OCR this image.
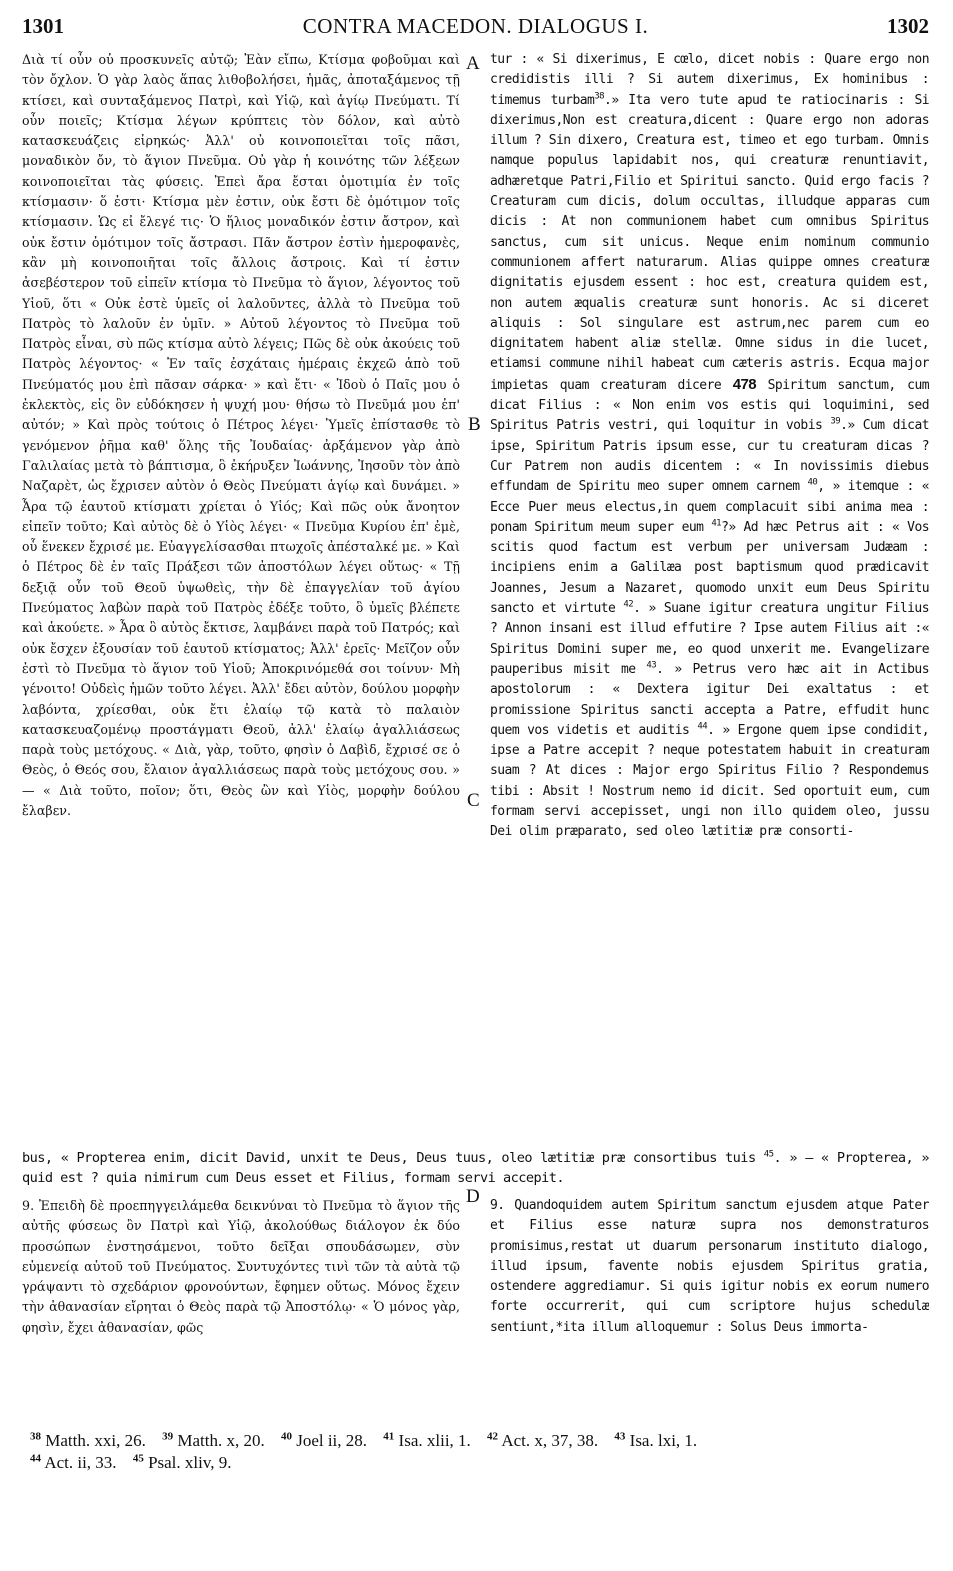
1301	CONTRA MACEDON. DIALOGUS I.	1302

Διὰ τί οὖν οὐ προσκυνεῖς αὐτῷ; Ἐὰν εἴπω, Κτίσμα φοβοῦμαι καὶ τὸν ὄχλον. Ὁ γὰρ λαὸς ἅπας λιθοβολήσει, ἡμᾶς, ἀποταξάμενος τῇ κτίσει, καὶ συνταξάμενος Πατρὶ, καὶ Υἱῷ, καὶ ἁγίῳ Πνεύματι. Τί οὖν ποιεῖς; Κτίσμα λέγων κρύπτεις τὸν δόλον, καὶ αὐτὸ κατασκευάζεις εἰρηκώς· Ἀλλ' οὐ κοινοποιεῖται τοῖς πᾶσι, μοναδικὸν ὄν, τὸ ἅγιον Πνεῦμα. Οὐ γὰρ ἡ κοινότης τῶν λέξεων κοινοποιεῖται τὰς φύσεις. Ἐπεὶ ἄρα ἔσται ὁμοτιμία ἐν τοῖς κτίσμασιν· ὅ ἐστι· Κτίσμα μὲν ἐστιν, οὐκ ἔστι δὲ ὁμότιμον τοῖς κτίσμασιν. Ὡς εἰ ἔλεγέ τις· Ὁ ἥλιος μοναδικόν ἐστιν ἄστρον, καὶ οὐκ ἔστιν ὁμότιμον τοῖς ἄστρασι. Πᾶν ἄστρον ἐστὶν ἡμεροφανὲς, κἂν μὴ κοινοποιῆται τοῖς ἄλλοις ἄστροις. Καὶ τί ἐστιν ἀσεβέστερον τοῦ εἰπεῖν κτίσμα τὸ Πνεῦμα τὸ ἅγιον, λέγοντος τοῦ Υἱοῦ, ὅτι « Οὐκ ἐστὲ ὑμεῖς οἱ λαλοῦντες, ἀλλὰ τὸ Πνεῦμα τοῦ Πατρὸς τὸ λαλοῦν ἐν ὑμῖν. » Αὐτοῦ λέγοντος τὸ Πνεῦμα τοῦ Πατρὸς εἶναι, σὺ πῶς κτίσμα αὐτὸ λέγεις; Πῶς δὲ οὐκ ἀκούεις τοῦ Πατρὸς λέγοντος· « Ἐν ταῖς ἐσχάταις ἡμέραις ἐκχεῶ ἀπὸ τοῦ Πνεύματός μου ἐπὶ πᾶσαν σάρκα· » καὶ ἔτι· « Ἰδοὺ ὁ Παῖς μου ὁ ἐκλεκτὸς, εἰς ὃν εὐδόκησεν ἡ ψυχή μου· θήσω τὸ Πνεῦμά μου ἐπ' αὐτόν; » Καὶ πρὸς τούτοις ὁ Πέτρος λέγει· Ὑμεῖς ἐπίστασθε τὸ γενόμενον ῥῆμα καθ' ὅλης τῆς Ἰουδαίας· ἀρξάμενον γὰρ ἀπὸ Γαλιλαίας μετὰ τὸ βάπτισμα, ὃ ἐκήρυξεν Ἰωάννης, Ἰησοῦν τὸν ἀπὸ Ναζαρὲτ, ὡς ἔχρισεν αὐτὸν ὁ Θεὸς Πνεύματι ἁγίῳ καὶ δυνάμει. » Ἆρα τῷ ἑαυτοῦ κτίσματι χρίεται ὁ Υἱός; Καὶ πῶς οὐκ ἄνοητον εἰπεῖν τοῦτο; Καὶ αὐτὸς δὲ ὁ Υἱὸς λέγει· « Πνεῦμα Κυρίου ἐπ' ἐμὲ, οὗ ἕνεκεν ἔχρισέ με. Εὐαγγελίσασθαι πτωχοῖς ἀπέσταλκέ με. » Καὶ ὁ Πέτρος δὲ ἐν ταῖς Πράξεσι τῶν ἀποστόλων λέγει οὕτως· « Τῇ δεξιᾷ οὖν τοῦ Θεοῦ ὑψωθεὶς, τὴν δὲ ἐπαγγελίαν τοῦ ἁγίου Πνεύματος λαβὼν παρὰ τοῦ Πατρὸς ἐδέξε τοῦτο, ὃ ὑμεῖς βλέπετε καὶ ἀκούετε. » Ἆρα ὃ αὐτὸς ἔκτισε, λαμβάνει παρὰ τοῦ Πατρός; καὶ οὐκ ἔσχεν ἐξουσίαν τοῦ ἑαυτοῦ κτίσματος; Ἀλλ' ἐρεῖς· Μεῖζον οὖν ἐστὶ τὸ Πνεῦμα τὸ ἅγιον τοῦ Υἱοῦ; Ἀποκρινόμεθά σοι τοίνυν· Μὴ γένοιτο! Οὐδεὶς ἡμῶν τοῦτο λέγει. Ἀλλ' ἔδει αὐτὸν, δούλου μορφὴν λαβόντα, χρίεσθαι, οὐκ ἔτι ἐλαίῳ τῷ κατὰ τὸ παλαιὸν κατασκευαζομένῳ προστάγματι Θεοῦ, ἀλλ' ἐλαίῳ ἀγαλλιάσεως παρὰ τοὺς μετόχους. « Διὰ, γὰρ, τοῦτο, φησὶν ὁ Δαβὶδ, ἔχρισέ σε ὁ Θεὸς, ὁ Θεός σου, ἔλαιον ἀγαλλιάσεως παρὰ τοὺς μετόχους σου. » — « Διὰ τοῦτο, ποῖον; ὅτι, Θεὸς ὢν καὶ Υἱὸς, μορφὴν δούλου ἔλαβεν.

tur : « Si dixerimus, E cœlo, dicet nobis : Quare ergo non credidistis illi ? Si autem dixerimus, Ex hominibus : timemus turbam$^{38}$.» Ita vero tute apud te ratiocinaris : Si dixerimus,Non est creatura,dicent : Quare ergo non adoras illum ? Sin dixero, Creatura est, timeo et ego turbam. Omnis namque populus lapidabit nos, qui creaturæ renuntiavit, adhæretque Patri,Filio et Spiritui sancto. Quid ergo facis ? Creaturam cum dicis, dolum occultas, illudque apparas cum dicis : At non communionem habet cum omnibus Spiritus sanctus, cum sit unicus. Neque enim nominum communio communionem affert naturarum. Alias quippe omnes creaturæ dignitatis ejusdem essent : hoc est, creatura quidem est, non autem æqualis creaturæ sunt honoris. Ac si diceret aliquis : Sol singulare est astrum,nec parem cum eo dignitatem habent aliæ stellæ. Omne sidus in die lucet, etiamsi commune nihil habeat cum cæteris astris. Ecqua major impietas quam creaturam dicere 478 Spiritum sanctum, cum dicat Filius : « Non enim vos estis qui loquimini, sed Spiritus Patris vestri, qui loquitur in vobis $^{39}$.» Cum dicat ipse, Spiritum Patris ipsum esse, cur tu creaturam dicas ? Cur Patrem non audis dicentem : « In novissimis diebus effundam de Spiritu meo super omnem carnem $^{40}$, » itemque : « Ecce Puer meus electus,in quem complacuit sibi anima mea : ponam Spiritum meum super eum $^{41}$?» Ad hæc Petrus ait : « Vos scitis quod factum est verbum per universam Judæam : incipiens enim a Galilæa post baptismum quod prædicavit Joannes, Jesum a Nazaret, quomodo unxit eum Deus Spiritu sancto et virtute $^{42}$. » Suane igitur creatura ungitur Filius ? Annon insani est illud effutire ? Ipse autem Filius ait :« Spiritus Domini super me, eo quod unxerit me. Evangelizare pauperibus misit me $^{43}$. » Petrus vero hæc ait in Actibus apostolorum : « Dextera igitur Dei exaltatus : et promissione Spiritus sancti accepta a Patre, effudit hunc quem vos videtis et auditis $^{44}$. » Ergone quem ipse condidit, ipse a Patre accepit ? neque potestatem habuit in creaturam suam ? At dices : Major ergo Spiritus Filio ? Respondemus tibi : Absit ! Nostrum nemo id dicit. Sed oportuit eum, cum formam servi accepisset, ungi non illo quidem oleo, jussu Dei olim præparato, sed oleo lætitiæ præ consorti-

bus, « Propterea enim, dicit David, unxit te Deus, Deus tuus, oleo lætitiæ præ consortibus tuis $^{45}$. » — « Propterea, » quid est ? quia nimirum cum Deus esset et Filius, formam servi accepit.

9. Ἐπειδὴ δὲ προεπηγγειλάμεθα δεικνύναι τὸ Πνεῦμα τὸ ἅγιον τῆς αὐτῆς φύσεως ὂν Πατρὶ καὶ Υἱῷ, ἀκολούθως διάλογον ἐκ δύο προσώπων ἐνστησάμενοι, τοῦτο δεῖξαι σπουδάσωμεν, σὺν εὐμενείᾳ αὐτοῦ τοῦ Πνεύματος. Συντυχόντες τινὶ τῶν τὰ αὐτὰ τῷ γράψαντι τὸ σχεδάριον φρονούντων, ἔφημεν οὕτως. Μόνος ἔχειν τὴν ἀθανασίαν εἴρηται ὁ Θεὸς παρὰ τῷ Ἀποστόλῳ· « Ὁ μόνος γὰρ, φησὶν, ἔχει ἀθανασίαν, φῶς

9. Quandoquidem autem Spiritum sanctum ejusdem atque Pater et Filius esse naturæ supra nos demonstraturos promisimus,restat ut duarum personarum instituto dialogo, illud ipsum, favente nobis ejusdem Spiritus gratia, ostendere aggrediamur. Si quis igitur nobis ex eorum numero forte occurrerit, qui cum scriptore hujus schedulæ sentiunt,*ita illum alloquemur : Solus Deus immorta-

A
B
C
D
$^{38}$ Matth. xxi, 26. $^{39}$ Matth. x, 20. $^{40}$ Joel ii, 28. $^{41}$ Isa. xlii, 1. $^{42}$ Act. x, 37, 38. $^{43}$ Isa. lxi, 1.
$^{44}$ Act. ii, 33. $^{45}$ Psal. xliv, 9.
